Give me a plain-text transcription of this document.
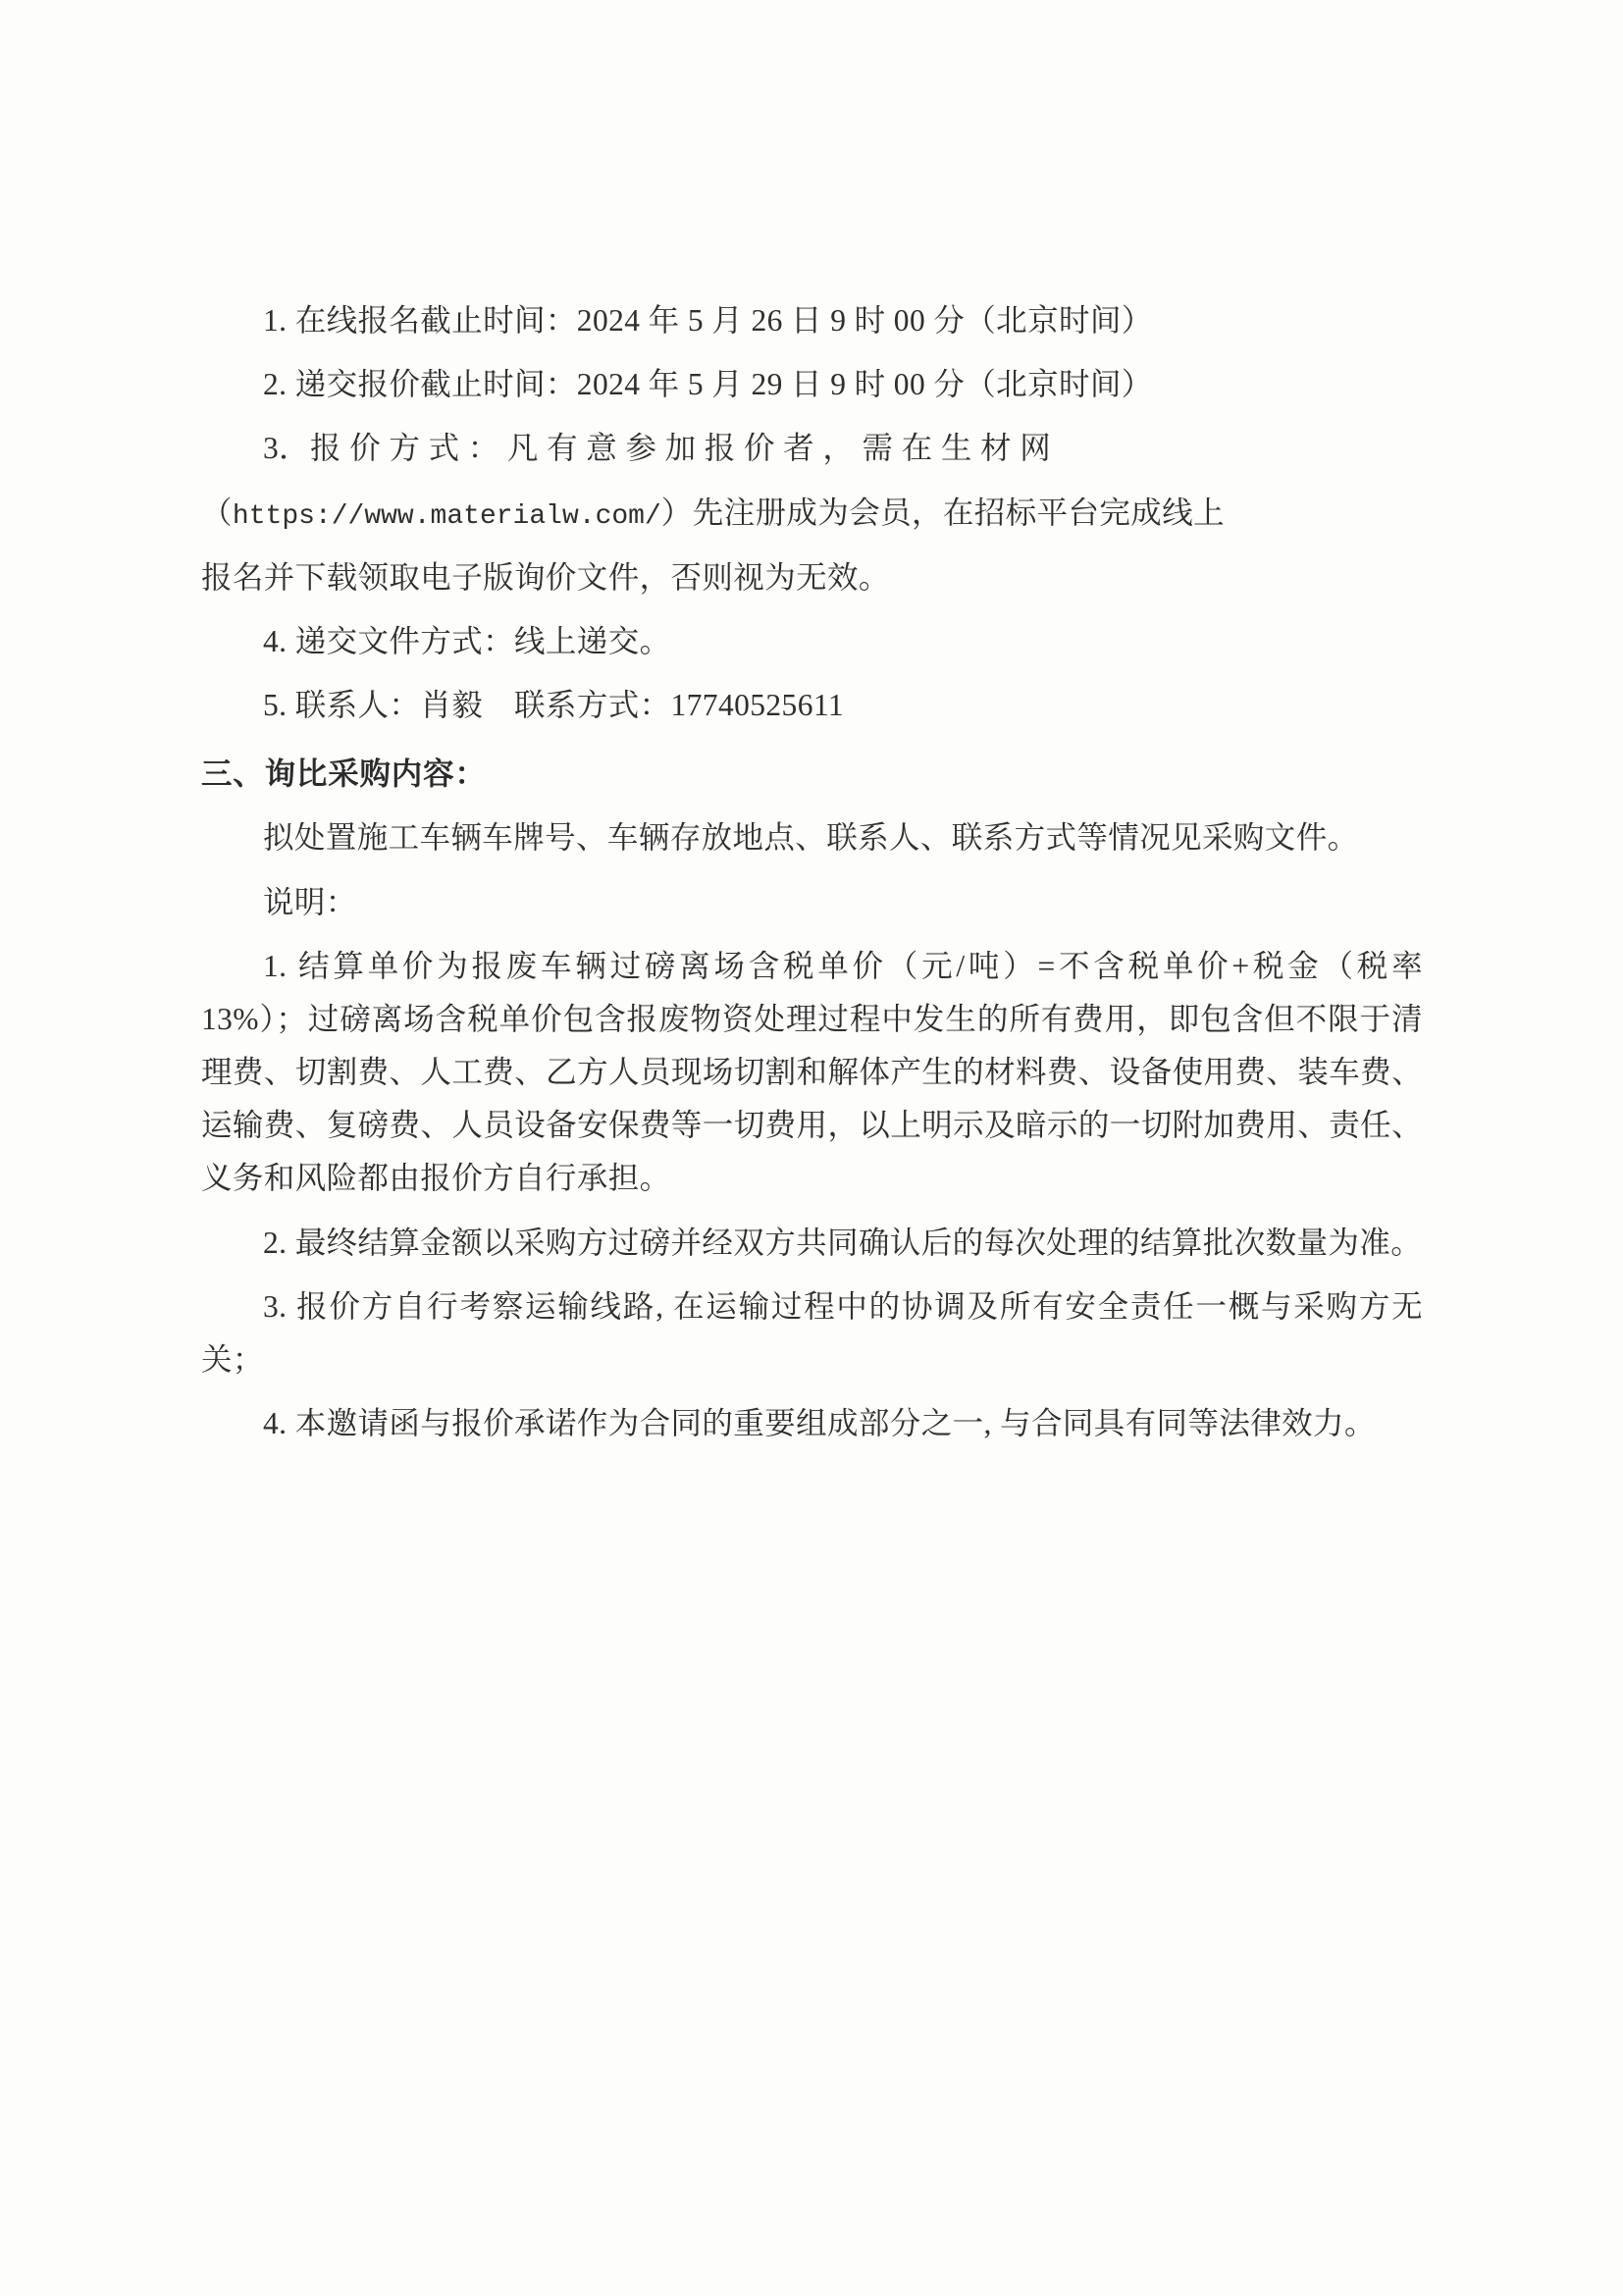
1. 在线报名截止时间：2024 年 5 月 26 日 9 时 00 分（北京时间）

2. 递交报价截止时间：2024 年 5 月 29 日 9 时 00 分（北京时间）

3．报 价 方 式 ： 凡 有 意 参 加 报 价 者 ， 需 在 生 材 网

（https://www.materialw.com/）先注册成为会员，在招标平台完成线上

报名并下载领取电子版询价文件，否则视为无效。

4. 递交文件方式：线上递交。

5. 联系人：肖毅　联系方式：17740525611

三、询比采购内容：

拟处置施工车辆车牌号、车辆存放地点、联系人、联系方式等情况见采购文件。

说明：

1. 结算单价为报废车辆过磅离场含税单价（元/吨）=不含税单价+税金（税率 13%）；过磅离场含税单价包含报废物资处理过程中发生的所有费用，即包含但不限于清理费、切割费、人工费、乙方人员现场切割和解体产生的材料费、设备使用费、装车费、运输费、复磅费、人员设备安保费等一切费用，以上明示及暗示的一切附加费用、责任、义务和风险都由报价方自行承担。

2. 最终结算金额以采购方过磅并经双方共同确认后的每次处理的结算批次数量为准。

3. 报价方自行考察运输线路, 在运输过程中的协调及所有安全责任一概与采购方无关；

4. 本邀请函与报价承诺作为合同的重要组成部分之一, 与合同具有同等法律效力。
